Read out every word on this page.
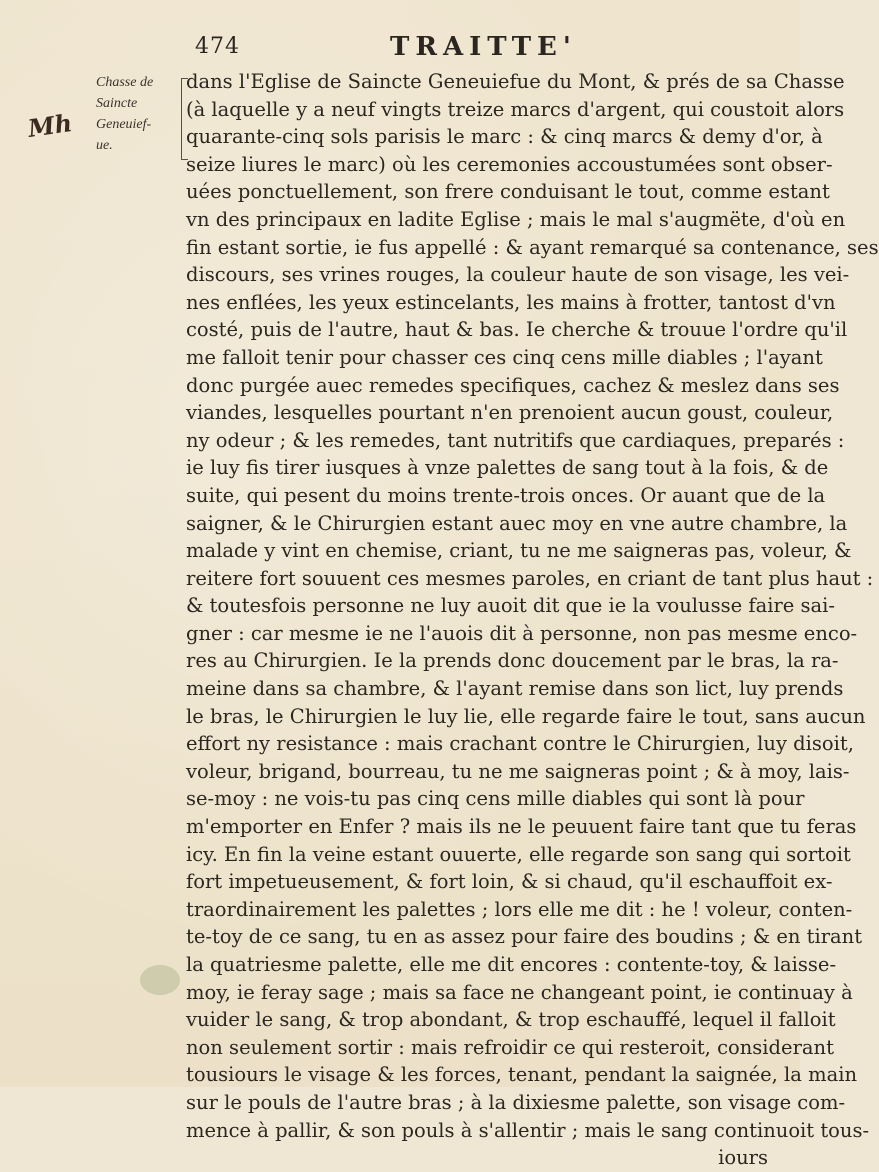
474	TRAITTE'
Chasse de
Saincte
Geneuief-
ue.
Mh
dans l'Eglise de Saincte Geneuiefue du Mont, & prés de sa Chasse
(à laquelle y a neuf vingts treize marcs d'argent, qui coustoit alors
quarante-cinq sols parisis le marc : & cinq marcs & demy d'or, à
seize liures le marc) où les ceremonies accoustumées sont obser-
uées ponctuellement, son frere conduisant le tout, comme estant
vn des principaux en ladite Eglise ; mais le mal s'augmëte, d'où en
fin estant sortie, ie fus appellé : & ayant remarqué sa contenance, ses
discours, ses vrines rouges, la couleur haute de son visage, les vei-
nes enflées, les yeux estincelants, les mains à frotter, tantost d'vn
costé, puis de l'autre, haut & bas. Ie cherche & trouue l'ordre qu'il
me falloit tenir pour chasser ces cinq cens mille diables ; l'ayant
donc purgée auec remedes specifiques, cachez & meslez dans ses
viandes, lesquelles pourtant n'en prenoient aucun goust, couleur,
ny odeur ; & les remedes, tant nutritifs que cardiaques, preparés :
ie luy fis tirer iusques à vnze palettes de sang tout à la fois, & de
suite, qui pesent du moins trente-trois onces. Or auant que de la
saigner, & le Chirurgien estant auec moy en vne autre chambre, la
malade y vint en chemise, criant, tu ne me saigneras pas, voleur, &
reitere fort souuent ces mesmes paroles, en criant de tant plus haut :
& toutesfois personne ne luy auoit dit que ie la voulusse faire sai-
gner : car mesme ie ne l'auois dit à personne, non pas mesme enco-
res au Chirurgien. Ie la prends donc doucement par le bras, la ra-
meine dans sa chambre, & l'ayant remise dans son lict, luy prends
le bras, le Chirurgien le luy lie, elle regarde faire le tout, sans aucun
effort ny resistance : mais crachant contre le Chirurgien, luy disoit,
voleur, brigand, bourreau, tu ne me saigneras point ; & à moy, lais-
se-moy : ne vois-tu pas cinq cens mille diables qui sont là pour
m'emporter en Enfer ? mais ils ne le peuuent faire tant que tu feras
icy. En fin la veine estant ouuerte, elle regarde son sang qui sortoit
fort impetueusement, & fort loin, & si chaud, qu'il eschauffoit ex-
traordinairement les palettes ; lors elle me dit : he ! voleur, conten-
te-toy de ce sang, tu en as assez pour faire des boudins ; & en tirant
la quatriesme palette, elle me dit encores : contente-toy, & laisse-
moy, ie feray sage ; mais sa face ne changeant point, ie continuay à
vuider le sang, & trop abondant, & trop eschauffé, lequel il falloit
non seulement sortir : mais refroidir ce qui resteroit, considerant
tousiours le visage & les forces, tenant, pendant la saignée, la main
sur le pouls de l'autre bras ; à la dixiesme palette, son visage com-
mence à pallir, & son pouls à s'allentir ; mais le sang continuoit tous-
iours
